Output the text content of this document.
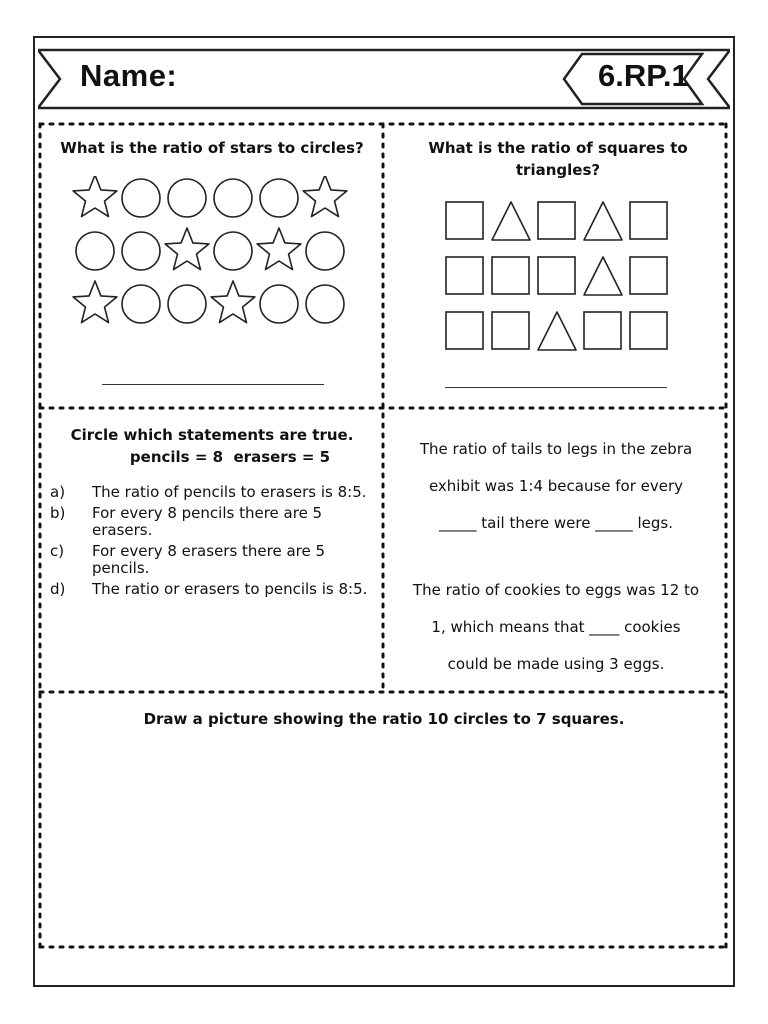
Name:	6.RP.1
What is the ratio of stars to circles?	What is the ratio of squares to triangles?
Circle which statements are true.
pencils = 8  erasers = 5
a)	The ratio of pencils to erasers is 8:5.
b)	For every 8 pencils there are 5 erasers.
c)	For every 8 erasers there are 5 pencils.
d)	The ratio or erasers to pencils is 8:5.
The ratio of tails to legs in the zebra
exhibit was 1:4 because for every
_____ tail there were _____ legs.
The ratio of cookies to eggs was 12 to
1, which means that ____ cookies
could be made using 3 eggs.
Draw a picture showing the ratio 10 circles to 7 squares.
